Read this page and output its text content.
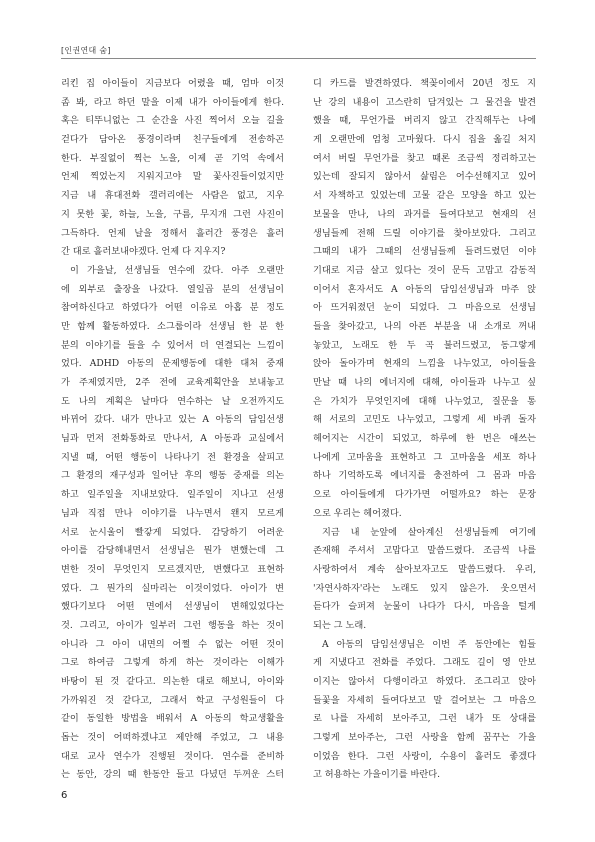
[인권연대 숨]
리킨 집 아이들이 지금보다 어렸을 때, 엄마 이것
좀 봐, 라고 하던 말을 이제 내가 아이들에게 한다.
혹은 티뚜니없는 그 순간을 사진 찍어서 오늘 길을
걷다가 담아온 풍경이라며 친구들에게 전송하곤
한다. 부질없이 찍는 노을, 이제 곧 기억 속에서
언제 찍었는지 지워지고야 말 꽃사진들이었지만
지금 내 휴대전화 갤러리에는 사람은 없고, 지우
지 못한 꽃, 하늘, 노을, 구름, 무지개 그런 사진이
그득하다. 언제 날을 정해서 흘러간 풍경은 흘러
간 대로 흘러보내야겠다. 언제 다 지우지?
이 가을날, 선생님들 연수에 갔다. 아주 오랜만
에 외부로 출장을 나갔다. 열일곱 분의 선생님이
참여하신다고 하였다가 어떤 이유로 아홉 분 정도
만 함께 활동하였다. 소그룹이라 선생님 한 분 한
분의 이야기를 들을 수 있어서 더 연결되는 느낌이
었다. ADHD 아동의 문제행동에 대한 대처 중재
가 주제였지만, 2주 전에 교육계획안을 보내놓고
도 나의 계획은 날마다 연수하는 날 오전까지도
바뀌어 갔다. 내가 만나고 있는 A 아동의 담임선생
님과 먼저 전화통화로 만나서, A 아동과 교실에서
지낼 때, 어떤 행동이 나타나기 전 환경을 살피고
그 환경의 재구성과 일어난 후의 행동 중재를 의논
하고 일주일을 지내보았다. 일주일이 지나고 선생
님과 직접 만나 이야기를 나누면서 왠지 모르게
서로 눈시울이 빨갛게 되었다. 감당하기 어려운
아이를 감당해내면서 선생님은 뭔가 변했는데 그
변한 것이 무엇인지 모르겠지만, 변했다고 표현하
였다. 그 뭔가의 실마리는 이것이었다. 아이가 변
했다기보다 어떤 면에서 선생님이 변해있었다는
것. 그리고, 아이가 일부러 그런 행동을 하는 것이
아니라 그 아이 내면의 어쩔 수 없는 어떤 것이
그로 하여금 그렇게 하게 하는 것이라는 이해가
바탕이 된 것 같다고. 의논한 대로 해보니, 아이와
가까워진 것 같다고, 그래서 학교 구성원들이 다
같이 동일한 방법을 배워서 A 아동의 학교생활을
돕는 것이 어떠하겠냐고 제안해 주었고, 그 내용
대로 교사 연수가 진행된 것이다. 연수를 준비하
는 동안, 강의 때 한동안 들고 다녔던 두꺼운 스터
디 카드를 발견하였다. 책꽂이에서 20년 정도 지
난 강의 내용이 고스란히 담겨있는 그 물건을 발견
했을 때, 무언가를 버리지 않고 간직해두는 나에
게 오랜만에 엄청 고마웠다. 다시 집을 옮길 처지
여서 버릴 무언가를 찾고 때론 조금씩 정리하고는
있는데 잘되지 않아서 삶림은 어수선해지고 있어
서 자책하고 있었는데 고물 같은 모양을 하고 있는
보물을 만나, 나의 과거를 들여다보고 현재의 선
생님들께 전해 드릴 이야기를 찾아보았다. 그리고
그때의 내가 그때의 선생님들께 들려드렸던 이야
기대로 지금 살고 있다는 것이 문득 고맙고 감동적
이어서 혼자서도 A 아동의 담임선생님과 마주 앉
아 뜨거워졌던 눈이 되었다. 그 마음으로 선생님
들을 찾아갔고, 나의 아픈 부분을 내 소개로 꺼내
놓았고, 노래도 한 두 곡 불러드렸고, 동그랗게
앉아 돌아가며 현재의 느낌을 나누었고, 아이들을
만날 때 나의 에너지에 대해, 아이들과 나누고 싶
은 가치가 무엇인지에 대해 나누었고, 질문을 통
해 서로의 고민도 나누었고, 그렇게 세 바퀴 돌자
헤어지는 시간이 되었고, 하루에 한 번은 애쓰는
나에게 고마움을 표현하고 그 고마움을 세포 하나
하나 기억하도록 에너지를 충전하여 그 몸과 마음
으로 아이들에게 다가가면 어떨까요? 하는 문장
으로 우리는 헤어졌다.
지금 내 눈앞에 살아계신 선생님들께 여기에
존재해 주셔서 고맙다고 말씀드렸다. 조금씩 나를
사랑하여서 계속 살아보자고도 말씀드렸다. 우리,
'자연사하자'라는 노래도 있지 않은가. 웃으면서
듣다가 슬퍼져 눈물이 나다가 다시, 마음을 털게
되는 그 노래.
A 아동의 담임선생님은 이번 주 동안에는 힘들
게 지냈다고 전화를 주었다. 그래도 길이 영 안보
이지는 않아서 다행이라고 하였다. 조그리고 앉아
들꽃을 자세히 들여다보고 말 걸어보는 그 마음으
로 나를 자세히 보아주고, 그런 내가 또 상대를
그렇게 보아주는, 그런 사랑을 함께 꿈꾸는 가을
이었음 한다. 그런 사랑이, 수용이 흘러도 좋겠다
고 허용하는 가을이기를 바란다.
6
